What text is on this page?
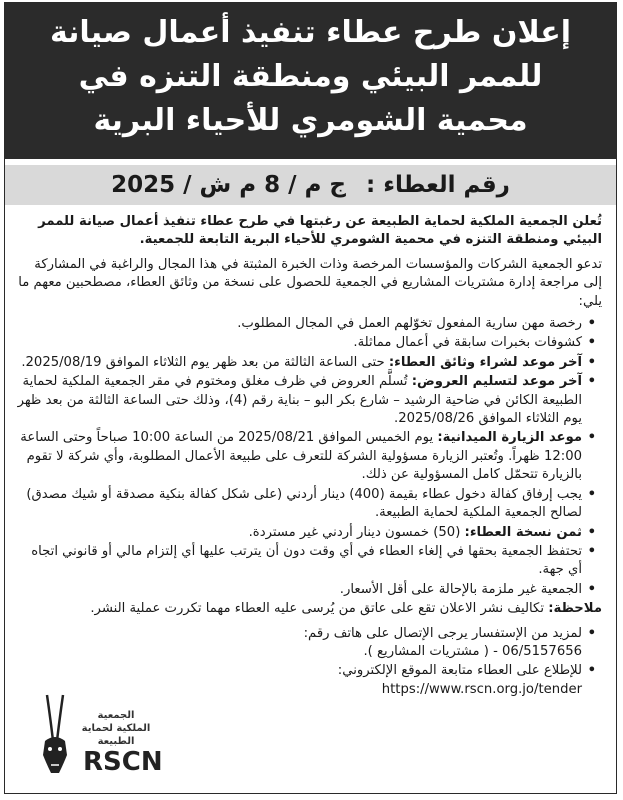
إعلان طرح عطاء تنفيذ أعمال صيانة
للممر البيئي ومنطقة التنزه في
محمية الشومري للأحياء البرية
رقم العطاء : ج م / 8 م ش / 2025

تُعلن الجمعية الملكية لحماية الطبيعة عن رغبتها في طرح عطاء تنفيذ أعمال صيانة للممر البيئي ومنطقة التنزه في محمية الشومري للأحياء البرية التابعة للجمعية.

تدعو الجمعية الشركات والمؤسسات المرخصة وذات الخبرة المثبتة في هذا المجال والراغبة في المشاركة إلى مراجعة إدارة مشتريات المشاريع في الجمعية للحصول على نسخة من وثائق العطاء، مصطحبين معهم ما يلي:

• رخصة مهن سارية المفعول تخوّلهم العمل في المجال المطلوب.
• كشوفات بخبرات سابقة في أعمال مماثلة.
• آخر موعد لشراء وثائق العطاء: حتى الساعة الثالثة من بعد ظهر يوم الثلاثاء الموافق 2025/08/19.
• آخر موعد لتسليم العروض: تُسلَّم العروض في ظرف مغلق ومختوم في مقر الجمعية الملكية لحماية الطبيعة الكائن في ضاحية الرشيد – شارع بكر البو – بناية رقم (4)، وذلك حتى الساعة الثالثة من بعد ظهر يوم الثلاثاء الموافق 2025/08/26.
• موعد الزيارة الميدانية: يوم الخميس الموافق 2025/08/21 من الساعة 10:00 صباحاً وحتى الساعة 12:00 ظهراً. وتُعتبر الزيارة مسؤولية الشركة للتعرف على طبيعة الأعمال المطلوبة، وأي شركة لا تقوم بالزيارة تتحمّل كامل المسؤولية عن ذلك.
• يجب إرفاق كفالة دخول عطاء بقيمة (400) دينار أردني (على شكل كفالة بنكية مصدقة أو شيك مصدق) لصالح الجمعية الملكية لحماية الطبيعة.
• ثمن نسخة العطاء: (50) خمسون دينار أردني غير مستردة.
• تحتفظ الجمعية بحقها في إلغاء العطاء في أي وقت دون أن يترتب عليها أي إلتزام مالي أو قانوني اتجاه أي جهة.
• الجمعية غير ملزمة بالإحالة على أقل الأسعار.

ملاحظة: تكاليف نشر الاعلان تقع على عاتق من يُرسى عليه العطاء مهما تكررت عملية النشر.

• لمزيد من الإستفسار يرجى الإتصال على هاتف رقم: 06/5157656 - ( مشتريات المشاريع ).
• للإطلاع على العطاء متابعة الموقع الإلكتروني:
https://www.rscn.org.jo/tender
الجمعية الملكية لحماية الطبيعة
RSCN
